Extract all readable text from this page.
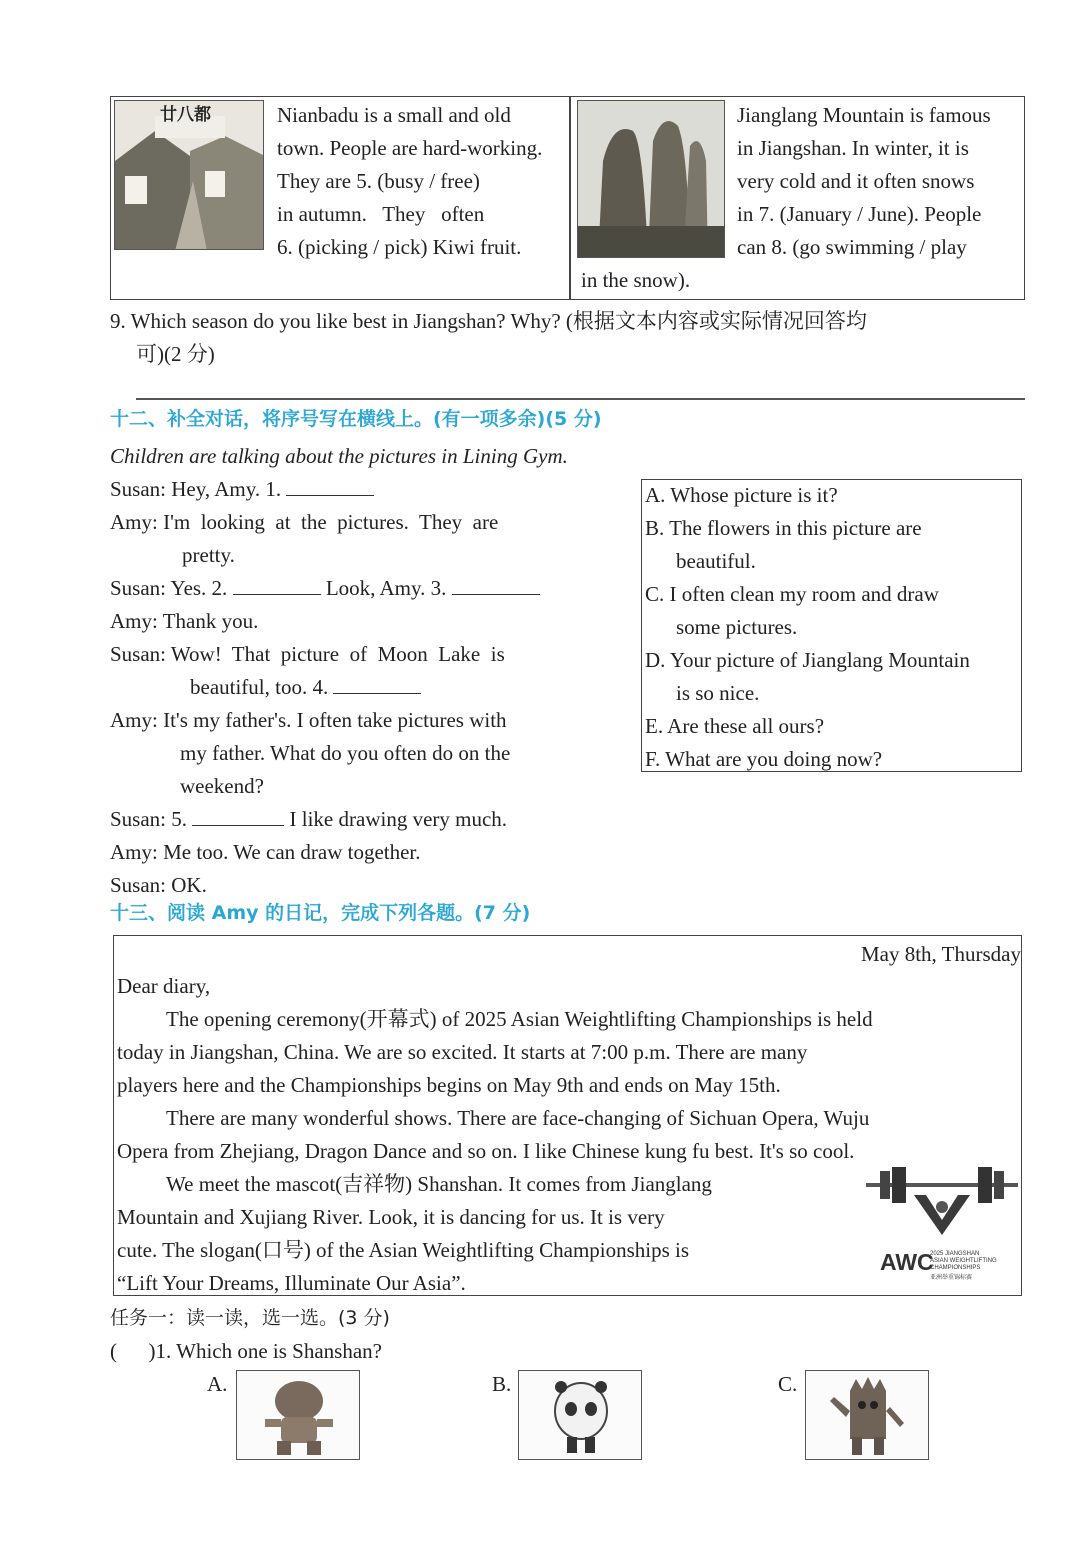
廿八都	Nianbadu is a small and old
town. People are hard-working.
They are 5. (busy / free)
in autumn.   They   often
6. (picking / pick) Kiwi fruit.
Jianglang Mountain is famous
in Jiangshan. In winter, it is
very cold and it often snows
in 7. (January / June). People
can 8. (go swimming / play
in the snow).
9. Which season do you like best in Jiangshan? Why? (根据文本内容或实际情况回答均
可)(2 分)
十二、补全对话，将序号写在横线上。(有一项多余)(5 分)
Children are talking about the pictures in Lining Gym.
Susan: Hey, Amy. 1.
Amy: I'm  looking  at  the  pictures.  They  are
pretty.
Susan: Yes. 2.	Look, Amy. 3.
Amy: Thank you.
Susan: Wow!  That  picture  of  Moon  Lake  is
beautiful, too. 4.
Amy: It's my father's. I often take pictures with
my father. What do you often do on the
weekend?
Susan: 5.	I like drawing very much.
Amy: Me too. We can draw together.
Susan: OK.
A. Whose picture is it?
B. The flowers in this picture are
beautiful.
C. I often clean my room and draw
some pictures.
D. Your picture of Jianglang Mountain
is so nice.
E. Are these all ours?
F. What are you doing now?
十三、阅读 Amy 的日记，完成下列各题。(7 分)
May 8th, Thursday
Dear diary,
The opening ceremony(开幕式) of 2025 Asian Weightlifting Championships is held
today in Jiangshan, China. We are so excited. It starts at 7:00 p.m. There are many
players here and the Championships begins on May 9th and ends on May 15th.
There are many wonderful shows. There are face-changing of Sichuan Opera, Wuju
Opera from Zhejiang, Dragon Dance and so on. I like Chinese kung fu best. It's so cool.
We meet the mascot(吉祥物) Shanshan. It comes from Jianglang
Mountain and Xujiang River. Look, it is dancing for us. It is very
cute. The slogan(口号) of the Asian Weightlifting Championships is
“Lift Your Dreams, Illuminate Our Asia”.
AWC
2025 JIANGSHAN
ASIAN WEIGHTLIFTING
CHAMPIONSHIPS
亚洲举重锦标赛
任务一：读一读，选一选。(3 分)
(      )1. Which one is Shanshan?
A.	B.	C.
